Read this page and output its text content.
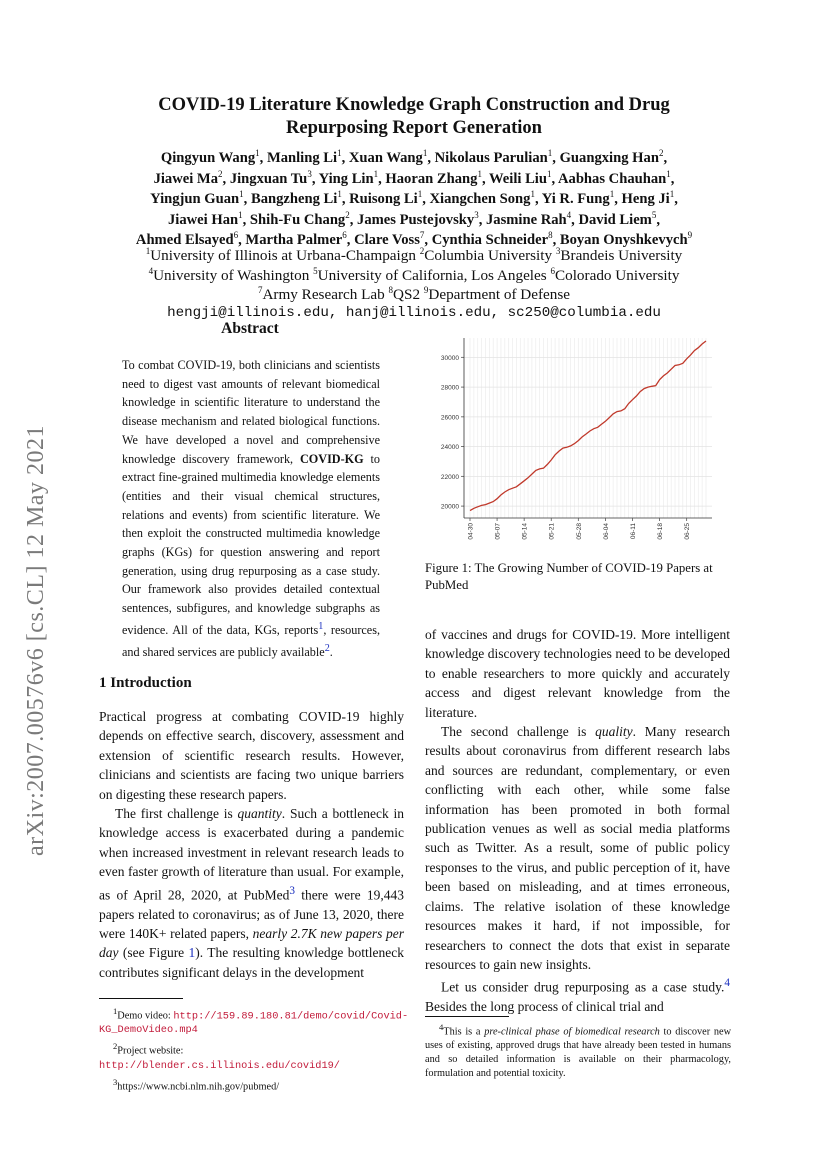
COVID-19 Literature Knowledge Graph Construction and Drug
Repurposing Report Generation
Qingyun Wang$^1$, Manling Li$^1$, Xuan Wang$^1$, Nikolaus Parulian$^1$, Guangxing Han$^2$,
Jiawei Ma$^2$, Jingxuan Tu$^3$, Ying Lin$^1$, Haoran Zhang$^1$, Weili Liu$^1$, Aabhas Chauhan$^1$,
Yingjun Guan$^1$, Bangzheng Li$^1$, Ruisong Li$^1$, Xiangchen Song$^1$, Yi R. Fung$^1$, Heng Ji$^1$,
Jiawei Han$^1$, Shih-Fu Chang$^2$, James Pustejovsky$^3$, Jasmine Rah$^4$, David Liem$^5$,
Ahmed Elsayed$^6$, Martha Palmer$^6$, Clare Voss$^7$, Cynthia Schneider$^8$, Boyan Onyshkevych$^9$
$^1$University of Illinois at Urbana-Champaign $^2$Columbia University $^3$Brandeis University
$^4$University of Washington $^5$University of California, Los Angeles $^6$Colorado University
$^7$Army Research Lab $^8$QS2 $^9$Department of Defense
hengji@illinois.edu, hanj@illinois.edu, sc250@columbia.edu
arXiv:2007.00576v6 [cs.CL] 12 May 2021
Abstract
To combat COVID-19, both clinicians and scientists need to digest vast amounts of relevant biomedical knowledge in scientific literature to understand the disease mechanism and related biological functions. We have developed a novel and comprehensive knowledge discovery framework, COVID-KG to extract fine-grained multimedia knowledge elements (entities and their visual chemical structures, relations and events) from scientific literature. We then exploit the constructed multimedia knowledge graphs (KGs) for question answering and report generation, using drug repurposing as a case study. Our framework also provides detailed contextual sentences, subfigures, and knowledge subgraphs as evidence. All of the data, KGs, reports$^1$, resources, and shared services are publicly available$^2$.
1 Introduction

Practical progress at combating COVID-19 highly depends on effective search, discovery, assessment and extension of scientific research results. However, clinicians and scientists are facing two unique barriers on digesting these research papers.

The first challenge is quantity. Such a bottleneck in knowledge access is exacerbated during a pandemic when increased investment in relevant research leads to even faster growth of literature than usual. For example, as of April 28, 2020, at PubMed$^3$ there were 19,443 papers related to coronavirus; as of June 13, 2020, there were 140K+ related papers, nearly 2.7K new papers per day (see Figure 1). The resulting knowledge bottleneck contributes significant delays in the development

$^1$Demo video: http://159.89.180.81/demo/covid/Covid-KG_DemoVideo.mp4
$^2$Project website: http://blender.cs.illinois.edu/covid19/
$^3$https://www.ncbi.nlm.nih.gov/pubmed/
20000
22000
24000
26000
28000
30000
04-30	05-07	05-14	05-21	05-28	06-04	06-11	06-18	06-25
Figure 1: The Growing Number of COVID-19 Papers at PubMed

of vaccines and drugs for COVID-19. More intelligent knowledge discovery technologies need to be developed to enable researchers to more quickly and accurately access and digest relevant knowledge from the literature.

The second challenge is quality. Many research results about coronavirus from different research labs and sources are redundant, complementary, or even conflicting with each other, while some false information has been promoted in both formal publication venues as well as social media platforms such as Twitter. As a result, some of public policy responses to the virus, and public perception of it, have been based on misleading, and at times erroneous, claims. The relative isolation of these knowledge resources makes it hard, if not impossible, for researchers to connect the dots that exist in separate resources to gain new insights.

Let us consider drug repurposing as a case study.$^4$ Besides the long process of clinical trial and

$^4$This is a pre-clinical phase of biomedical research to discover new uses of existing, approved drugs that have already been tested in humans and so detailed information is available on their pharmacology, formulation and potential toxicity.
